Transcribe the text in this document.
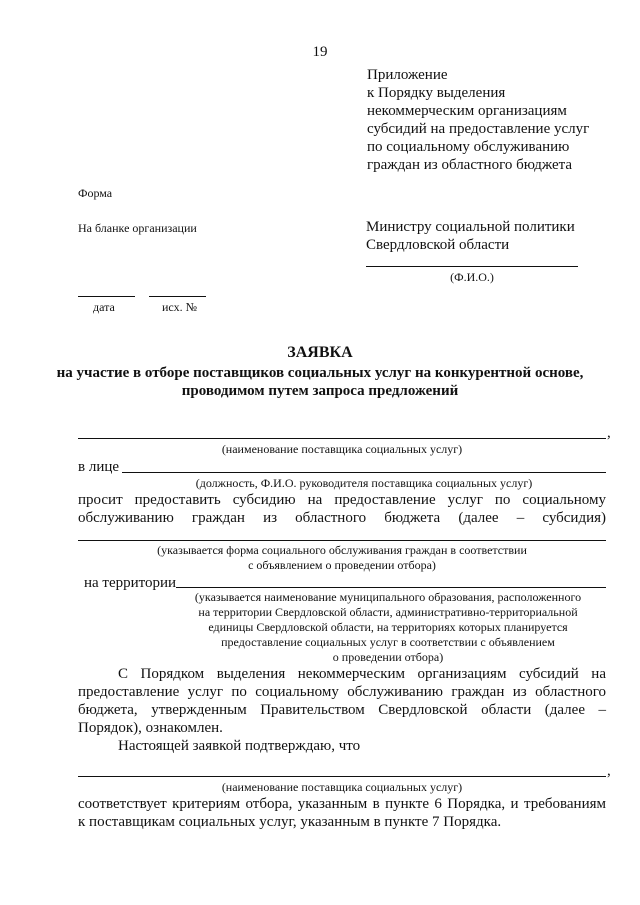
19
Приложение
к Порядку выделения
некоммерческим организациям
субсидий на предоставление услуг
по социальному обслуживанию
граждан из областного бюджета
Форма
На бланке организации	Министру социальной политики
Свердловской области
(Ф.И.О.)
дата	исх. №
ЗАЯВКА
на участие в отборе поставщиков социальных услуг на конкурентной основе,
проводимом путем запроса предложений
,
(наименование поставщика социальных услуг)
в лице
(должность, Ф.И.О. руководителя поставщика социальных услуг)
просит предоставить субсидию на предоставление услуг по социальному
обслуживанию граждан из областного бюджета (далее – субсидия)
(указывается форма социального обслуживания граждан в соответствии
с объявлением о проведении отбора)
на территории
(указывается наименование муниципального образования, расположенного
на территории Свердловской области, административно-территориальной
единицы Свердловской области, на территориях которых планируется
предоставление социальных услуг в соответствии с объявлением
о проведении отбора)
С Порядком выделения некоммерческим организациям субсидий на
предоставление услуг по социальному обслуживанию граждан из областного
бюджета, утвержденным Правительством Свердловской области (далее –
Порядок), ознакомлен.
Настоящей заявкой подтверждаю, что
,
(наименование поставщика социальных услуг)
соответствует критериям отбора, указанным в пункте 6 Порядка, и требованиям
к поставщикам социальных услуг, указанным в пункте 7 Порядка.
